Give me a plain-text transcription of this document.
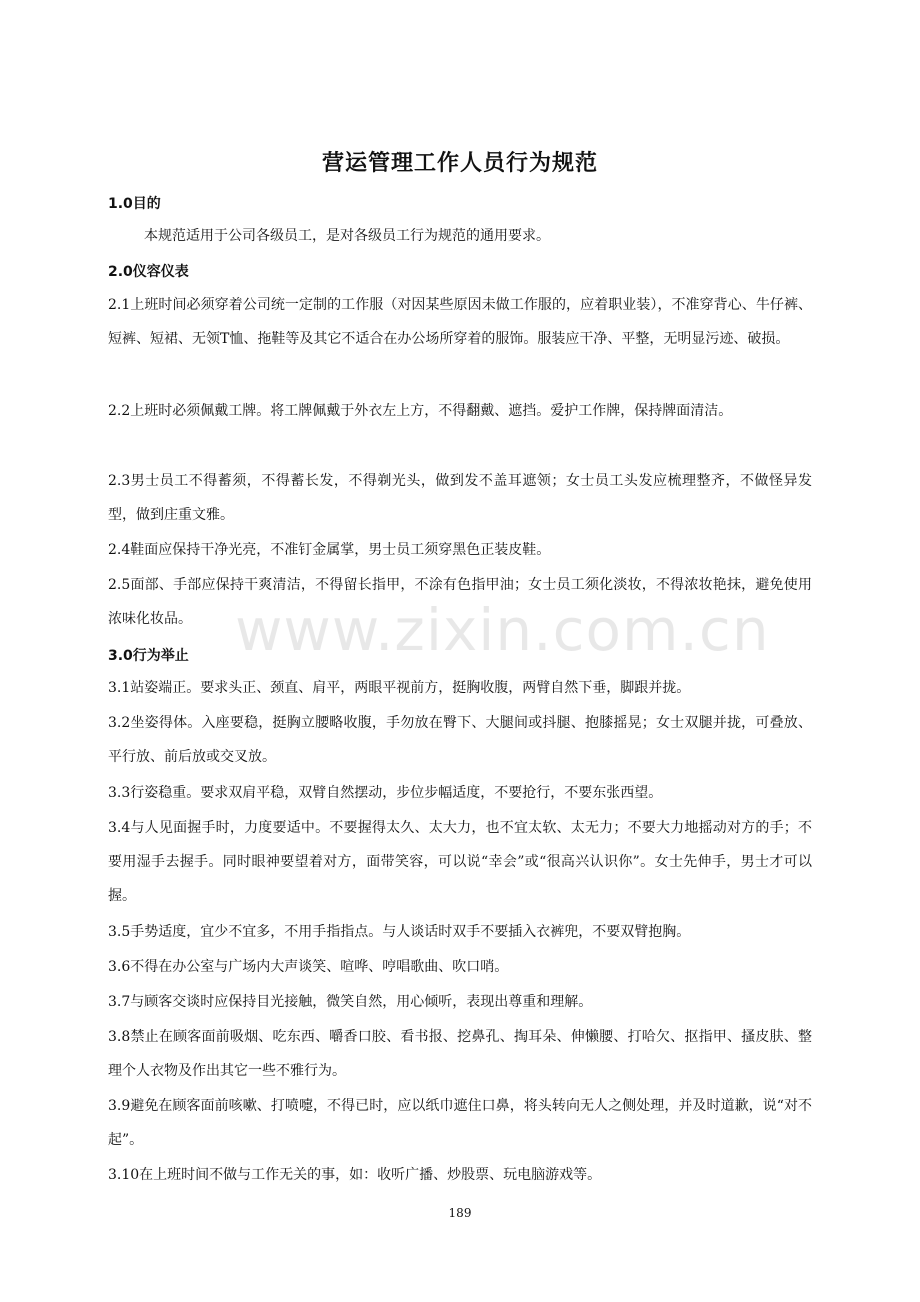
营运管理工作人员行为规范
1.0目的
本规范适用于公司各级员工，是对各级员工行为规范的通用要求。
2.0仪容仪表
2.1上班时间必须穿着公司统一定制的工作服（对因某些原因未做工作服的，应着职业装），不准穿背心、牛仔裤、短裤、短裙、无领T恤、拖鞋等及其它不适合在办公场所穿着的服饰。服装应干净、平整，无明显污迹、破损。
2.2上班时必须佩戴工牌。将工牌佩戴于外衣左上方，不得翻戴、遮挡。爱护工作牌，保持牌面清洁。
2.3男士员工不得蓄须，不得蓄长发，不得剃光头，做到发不盖耳遮领；女士员工头发应梳理整齐，不做怪异发型，做到庄重文雅。
2.4鞋面应保持干净光亮，不准钉金属掌，男士员工须穿黑色正装皮鞋。
2.5面部、手部应保持干爽清洁，不得留长指甲，不涂有色指甲油；女士员工须化淡妆，不得浓妆艳抹，避免使用浓味化妆品。
3.0行为举止
3.1站姿端正。要求头正、颈直、肩平，两眼平视前方，挺胸收腹，两臂自然下垂，脚跟并拢。
3.2坐姿得体。入座要稳，挺胸立腰略收腹，手勿放在臀下、大腿间或抖腿、抱膝摇晃；女士双腿并拢，可叠放、平行放、前后放或交叉放。
3.3行姿稳重。要求双肩平稳，双臂自然摆动，步位步幅适度，不要抢行，不要东张西望。
3.4与人见面握手时，力度要适中。不要握得太久、太大力，也不宜太软、太无力；不要大力地摇动对方的手；不要用湿手去握手。同时眼神要望着对方，面带笑容，可以说“幸会”或“很高兴认识你”。女士先伸手，男士才可以握。
3.5手势适度，宜少不宜多，不用手指指点。与人谈话时双手不要插入衣裤兜，不要双臂抱胸。
3.6不得在办公室与广场内大声谈笑、喧哗、哼唱歌曲、吹口哨。
3.7与顾客交谈时应保持目光接触，微笑自然，用心倾听，表现出尊重和理解。
3.8禁止在顾客面前吸烟、吃东西、嚼香口胶、看书报、挖鼻孔、掏耳朵、伸懒腰、打哈欠、抠指甲、搔皮肤、整理个人衣物及作出其它一些不雅行为。
3.9避免在顾客面前咳嗽、打喷嚏，不得已时，应以纸巾遮住口鼻，将头转向无人之侧处理，并及时道歉，说“对不起”。
3.10在上班时间不做与工作无关的事，如：收听广播、炒股票、玩电脑游戏等。
189
www.zixin.com.cn
